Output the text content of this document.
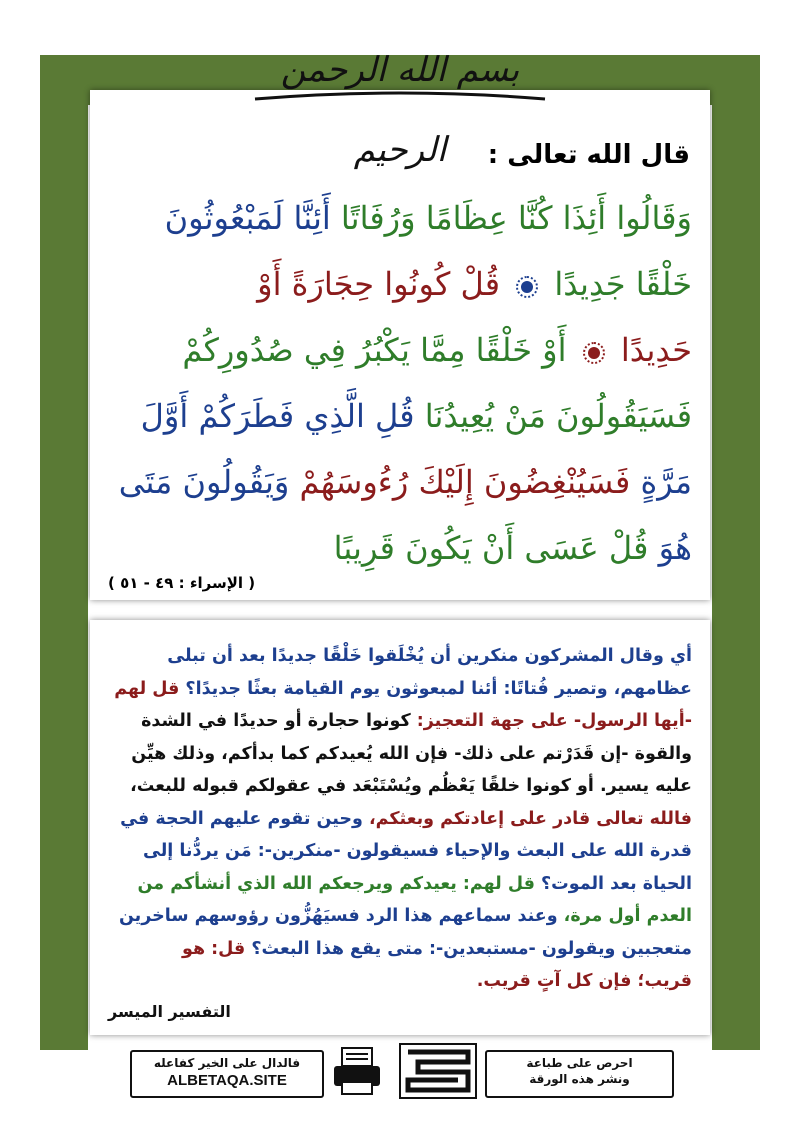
بسم الله الرحمن الرحيم	قال الله تعالى :
وَقَالُوا أَئِذَا كُنَّا عِظَامًا وَرُفَاتًا أَئِنَّا لَمَبْعُوثُونَ
خَلْقًا جَدِيدًا  قُلْ كُونُوا حِجَارَةً أَوْ
حَدِيدًا  أَوْ خَلْقًا مِمَّا يَكْبُرُ فِي صُدُورِكُمْ
فَسَيَقُولُونَ مَنْ يُعِيدُنَا قُلِ الَّذِي فَطَرَكُمْ أَوَّلَ
مَرَّةٍ فَسَيُنْغِضُونَ إِلَيْكَ رُءُوسَهُمْ وَيَقُولُونَ مَتَى
هُوَ قُلْ عَسَى أَنْ يَكُونَ قَرِيبًا
( الإسراء : ٤٩ - ٥١ )
أي وقال المشركون منكرين أن يُخْلَقوا خَلْقًا جديدًا بعد أن تبلى
عظامهم، وتصير فُتاتًا: أئنا لمبعوثون يوم القيامة بعثًا جديدًا؟ قل لهم
-أيها الرسول- على جهة التعجيز: كونوا حجارة أو حديدًا في الشدة
والقوة -إن قَدَرْتم على ذلك- فإن الله يُعيدكم كما بدأكم، وذلك هيِّن
عليه يسير. أو كونوا خلقًا يَعْظُم ويُسْتَبْعَد في عقولكم قبوله للبعث،
فالله تعالى قادر على إعادتكم وبعثكم، وحين تقوم عليهم الحجة في
قدرة الله على البعث والإحياء فسيقولون -منكرين-: مَن يردُّنا إلى
الحياة بعد الموت؟ قل لهم: يعيدكم ويرجعكم الله الذي أنشأكم من
العدم أول مرة، وعند سماعهم هذا الرد فسيَهُزُّون رؤوسهم ساخرين
متعجبين ويقولون -مستبعدين-: متى يقع هذا البعث؟ قل: هو
قريب؛ فإن كل آتٍ قريب.
التفسير الميسر
فالدال على الخير كفاعله
ALBETAQA.SITE
احرص على طباعة
ونشر هذه الورقة
